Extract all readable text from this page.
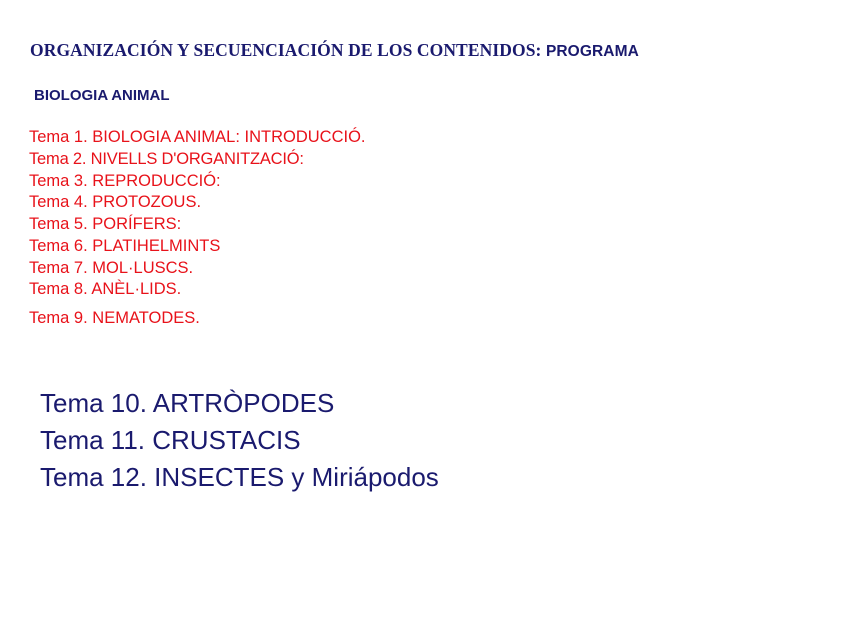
ORGANIZACIÓN Y SECUENCIACIÓN DE LOS CONTENIDOS: PROGRAMA
BIOLOGIA ANIMAL
Tema 1. BIOLOGIA ANIMAL: INTRODUCCIÓ.
Tema 2. NIVELLS D'ORGANITZACIÓ:
Tema 3. REPRODUCCIÓ:
Tema 4. PROTOZOUS.
Tema 5. PORÍFERS:
Tema 6. PLATIHELMINTS
Tema 7. MOL·LUSCS.
Tema 8. ANÈL·LIDS.
Tema 9. NEMATODES.
Tema 10. ARTRÒPODES
Tema 11. CRUSTACIS
Tema 12. INSECTES y Miriápodos
